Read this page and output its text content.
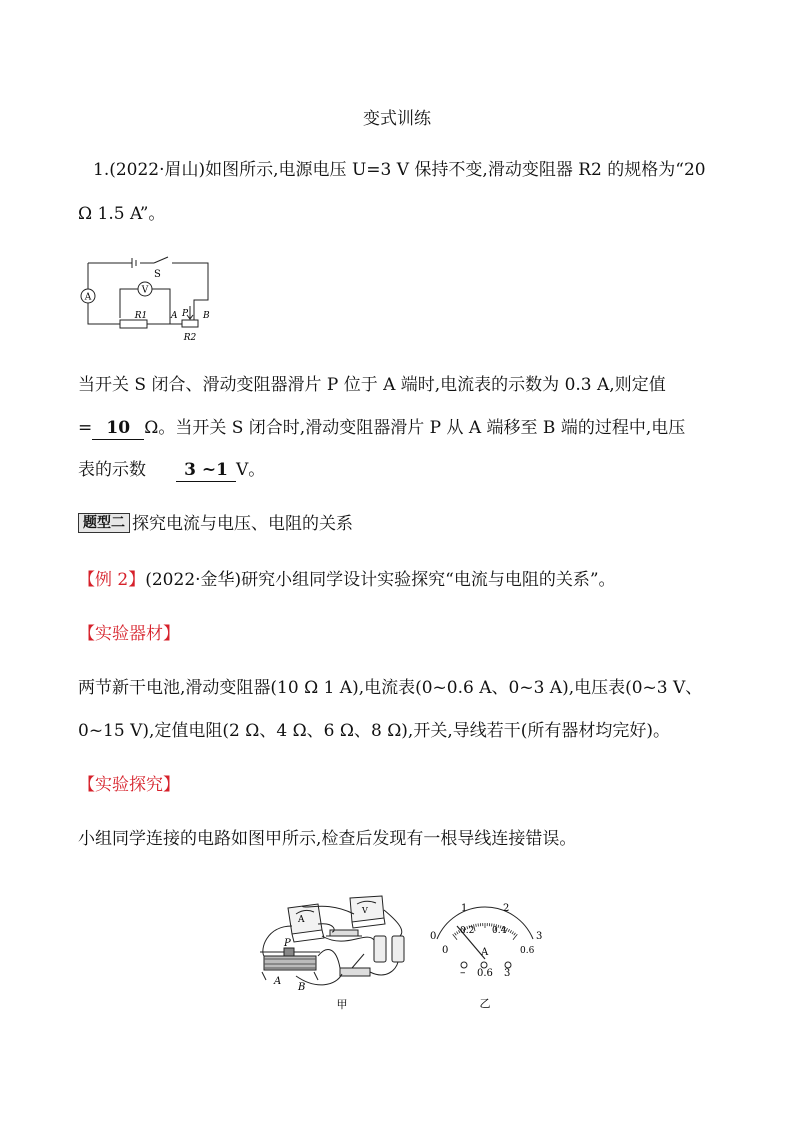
变式训练
1.(2022·眉山)如图所示,电源电压 U=3 V 保持不变,滑动变阻器 R2 的规格为“20
Ω 1.5 A”。
A
V
S
R1	A P B
R2
当开关 S 闭合、滑动变阻器滑片 P 位于 A 端时,电流表的示数为 0.3 A,则定值
= 10 Ω。当开关 S 闭合时,滑动变阻器滑片 P 从 A 端移至 B 端的过程中,电压
表的示数 3 ~1 V。
题型二 探究电流与电压、电阻的关系
【例 2】(2022·金华)研究小组同学设计实验探究“电流与电阻的关系”。
【实验器材】
两节新干电池,滑动变阻器(10 Ω 1 A),电流表(0~0.6 A、0~3 A),电压表(0~3 V、
0~15 V),定值电阻(2 Ω、4 Ω、6 Ω、8 Ω),开关,导线若干(所有器材均完好)。
【实验探究】
小组同学连接的电路如图甲所示,检查后发现有一根导线连接错误。
A
V
P
A
B
甲
0
1	2
3
0
0.2 0.4
0.6
A
– 0.6 3
乙
